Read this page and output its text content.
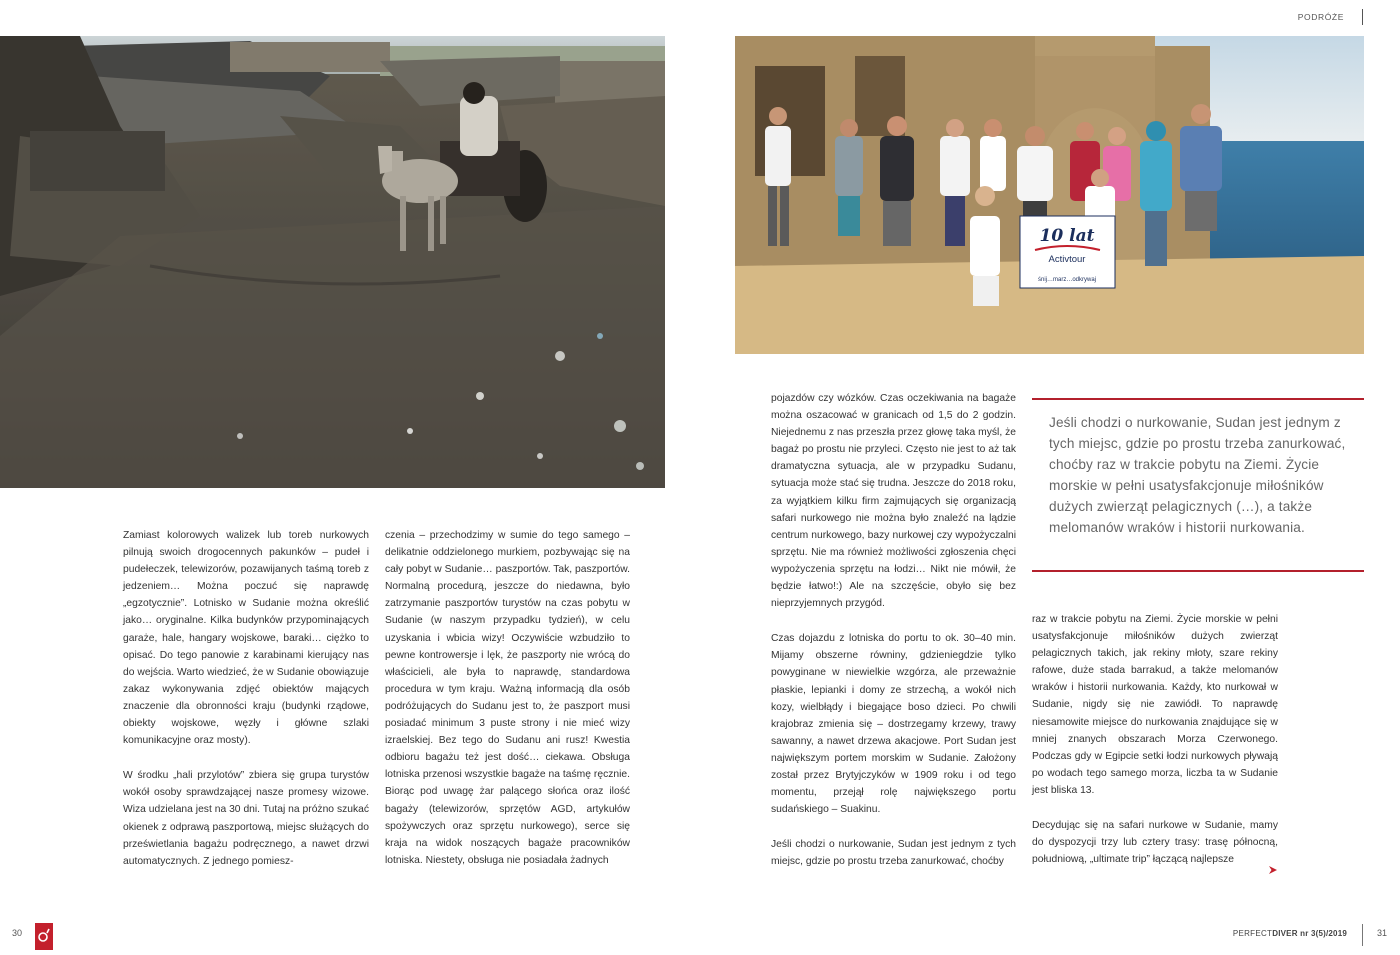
PODRÓŻE
10 lat
Activtour
śnij…marz…odkrywaj

Zamiast kolorowych walizek lub toreb nurkowych pilnują swoich drogocennych pakunków – pudeł i pudełeczek, telewizorów, pozawijanych taśmą toreb z jedzeniem… Można poczuć się naprawdę „egzotycznie”. Lotnisko w Sudanie można określić jako… oryginalne. Kilka budynków przypominających garaże, hale, hangary wojskowe, baraki… ciężko to opisać. Do tego panowie z karabinami kierujący nas do wejścia. Warto wiedzieć, że w Sudanie obowiązuje zakaz wykonywania zdjęć obiektów mających znaczenie dla obronności kraju (budynki rządowe, obiekty wojskowe, węzły i główne szlaki komunikacyjne oraz mosty).

W środku „hali przylotów” zbiera się grupa turystów wokół osoby sprawdzającej nasze promesy wizowe. Wiza udzielana jest na 30 dni. Tutaj na próżno szukać okienek z odprawą paszportową, miejsc służących do prześwietlania bagażu podręcznego, a nawet drzwi automatycznych. Z jednego pomiesz-

czenia – przechodzimy w sumie do tego samego – delikatnie oddzielonego murkiem, pozbywając się na cały pobyt w Sudanie… paszportów. Tak, paszportów. Normalną procedurą, jeszcze do niedawna, było zatrzymanie paszportów turystów na czas pobytu w Sudanie (w naszym przypadku tydzień), w celu uzyskania i wbicia wizy! Oczywiście wzbudziło to pewne kontrowersje i lęk, że paszporty nie wrócą do właścicieli, ale była to naprawdę, standardowa procedura w tym kraju. Ważną informacją dla osób podróżujących do Sudanu jest to, że paszport musi posiadać minimum 3 puste strony i nie mieć wizy izraelskiej. Bez tego do Sudanu ani rusz! Kwestia odbioru bagażu też jest dość… ciekawa. Obsługa lotniska przenosi wszystkie bagaże na taśmę ręcznie. Biorąc pod uwagę żar palącego słońca oraz ilość bagaży (telewizorów, sprzętów AGD, artykułów spożywczych oraz sprzętu nurkowego), serce się kraja na widok noszących bagaże pracowników lotniska. Niestety, obsługa nie posiadała żadnych

pojazdów czy wózków. Czas oczekiwania na bagaże można oszacować w granicach od 1,5 do 2 godzin. Niejednemu z nas przeszła przez głowę taka myśl, że bagaż po prostu nie przyleci. Często nie jest to aż tak dramatyczna sytuacja, ale w przypadku Sudanu, sytuacja może stać się trudna. Jeszcze do 2018 roku, za wyjątkiem kilku firm zajmujących się organizacją safari nurkowego nie można było znaleźć na lądzie centrum nurkowego, bazy nurkowej czy wypożyczalni sprzętu. Nie ma również możliwości zgłoszenia chęci wypożyczenia sprzętu na łodzi… Nikt nie mówił, że będzie łatwo!:) Ale na szczęście, obyło się bez nieprzyjemnych przygód.

Czas dojazdu z lotniska do portu to ok. 30–40 min. Mijamy obszerne równiny, gdzieniegdzie tylko powyginane w niewielkie wzgórza, ale przeważnie płaskie, lepianki i domy ze strzechą, a wokół nich kozy, wielbłądy i biegające boso dzieci. Po chwili krajobraz zmienia się – dostrzegamy krzewy, trawy sawanny, a nawet drzewa akacjowe. Port Sudan jest największym portem morskim w Sudanie. Założony został przez Brytyjczyków w 1909 roku i od tego momentu, przejął rolę największego portu sudańskiego – Suakinu.

Jeśli chodzi o nurkowanie, Sudan jest jednym z tych miejsc, gdzie po prostu trzeba zanurkować, choćby

raz w trakcie pobytu na Ziemi. Życie morskie w pełni usatysfakcjonuje miłośników dużych zwierząt pelagicznych takich, jak rekiny młoty, szare rekiny rafowe, duże stada barrakud, a także melomanów wraków i historii nurkowania. Każdy, kto nurkował w Sudanie, nigdy się nie zawiódł. To naprawdę niesamowite miejsce do nurkowania znajdujące się w mniej znanych obszarach Morza Czerwonego. Podczas gdy w Egipcie setki łodzi nurkowych pływają po wodach tego samego morza, liczba ta w Sudanie jest bliska 13.

Decydując się na safari nurkowe w Sudanie, mamy do dyspozycji trzy lub cztery trasy: trasę północną, południową, „ultimate trip” łączącą najlepsze

Jeśli chodzi o nurkowanie, Sudan jest jednym z tych miejsc, gdzie po prostu trzeba zanurkować, choćby raz w trakcie pobytu na Ziemi. Życie morskie w pełni usatysfakcjonuje miłośników dużych zwierząt pelagicznych (…), a także melomanów wraków i historii nurkowania.

30	PERFECTDIVER nr 3(5)/2019	31
